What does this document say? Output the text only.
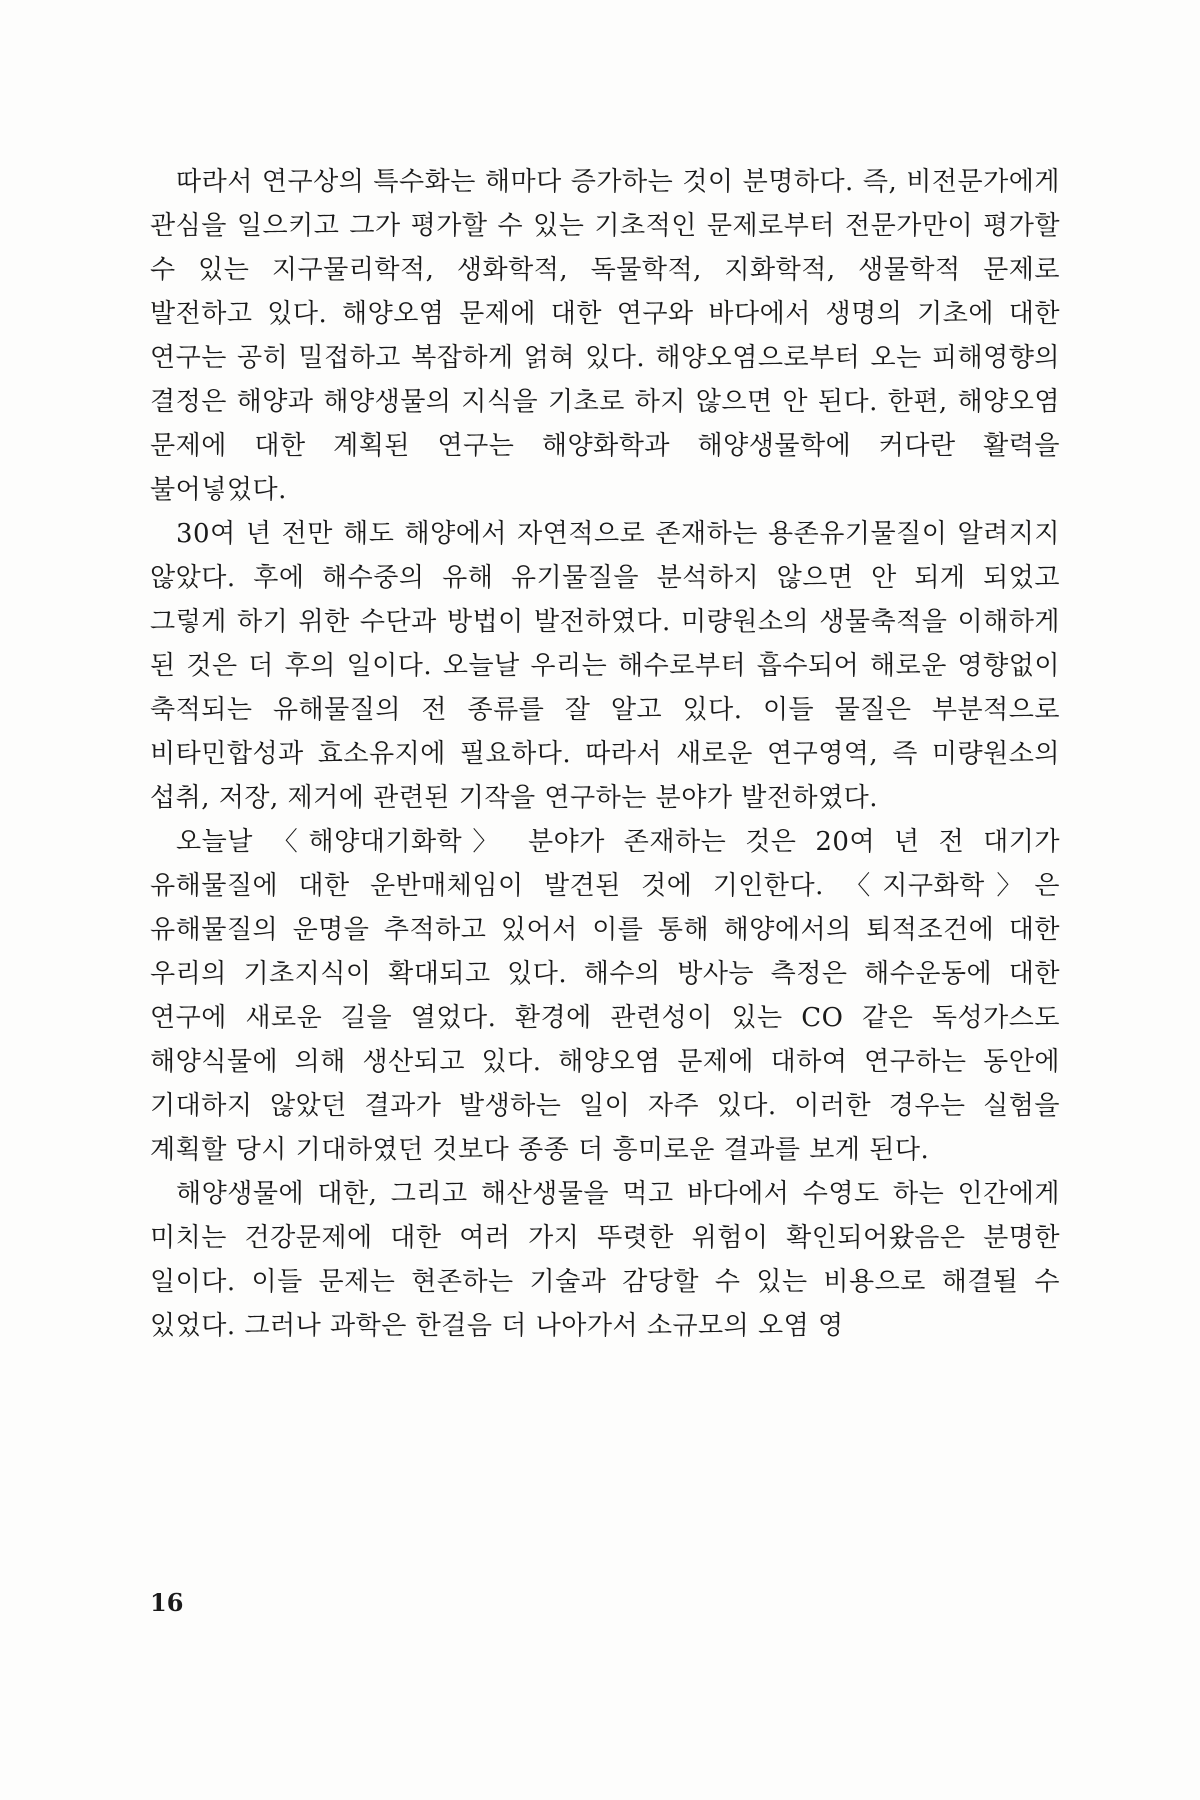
따라서 연구상의 특수화는 해마다 증가하는 것이 분명하다. 즉, 비전문가에게 관심을 일으키고 그가 평가할 수 있는 기초적인 문제로부터 전문가만이 평가할 수 있는 지구물리학적, 생화학적, 독물학적, 지화학적, 생물학적 문제로 발전하고 있다. 해양오염 문제에 대한 연구와 바다에서 생명의 기초에 대한 연구는 공히 밀접하고 복잡하게 얽혀 있다. 해양오염으로부터 오는 피해영향의 결정은 해양과 해양생물의 지식을 기초로 하지 않으면 안 된다. 한편, 해양오염 문제에 대한 계획된 연구는 해양화학과 해양생물학에 커다란 활력을 불어넣었다.

30여 년 전만 해도 해양에서 자연적으로 존재하는 용존유기물질이 알려지지 않았다. 후에 해수중의 유해 유기물질을 분석하지 않으면 안 되게 되었고 그렇게 하기 위한 수단과 방법이 발전하였다. 미량원소의 생물축적을 이해하게 된 것은 더 후의 일이다. 오늘날 우리는 해수로부터 흡수되어 해로운 영향없이 축적되는 유해물질의 전 종류를 잘 알고 있다. 이들 물질은 부분적으로 비타민합성과 효소유지에 필요하다. 따라서 새로운 연구영역, 즉 미량원소의 섭취, 저장, 제거에 관련된 기작을 연구하는 분야가 발전하였다.

오늘날 〈해양대기화학〉 분야가 존재하는 것은 20여 년 전 대기가 유해물질에 대한 운반매체임이 발견된 것에 기인한다. 〈지구화학〉은 유해물질의 운명을 추적하고 있어서 이를 통해 해양에서의 퇴적조건에 대한 우리의 기초지식이 확대되고 있다. 해수의 방사능 측정은 해수운동에 대한 연구에 새로운 길을 열었다. 환경에 관련성이 있는 CO 같은 독성가스도 해양식물에 의해 생산되고 있다. 해양오염 문제에 대하여 연구하는 동안에 기대하지 않았던 결과가 발생하는 일이 자주 있다. 이러한 경우는 실험을 계획할 당시 기대하였던 것보다 종종 더 흥미로운 결과를 보게 된다.

해양생물에 대한, 그리고 해산생물을 먹고 바다에서 수영도 하는 인간에게 미치는 건강문제에 대한 여러 가지 뚜렷한 위험이 확인되어왔음은 분명한 일이다. 이들 문제는 현존하는 기술과 감당할 수 있는 비용으로 해결될 수 있었다. 그러나 과학은 한걸음 더 나아가서 소규모의 오염 영

16
